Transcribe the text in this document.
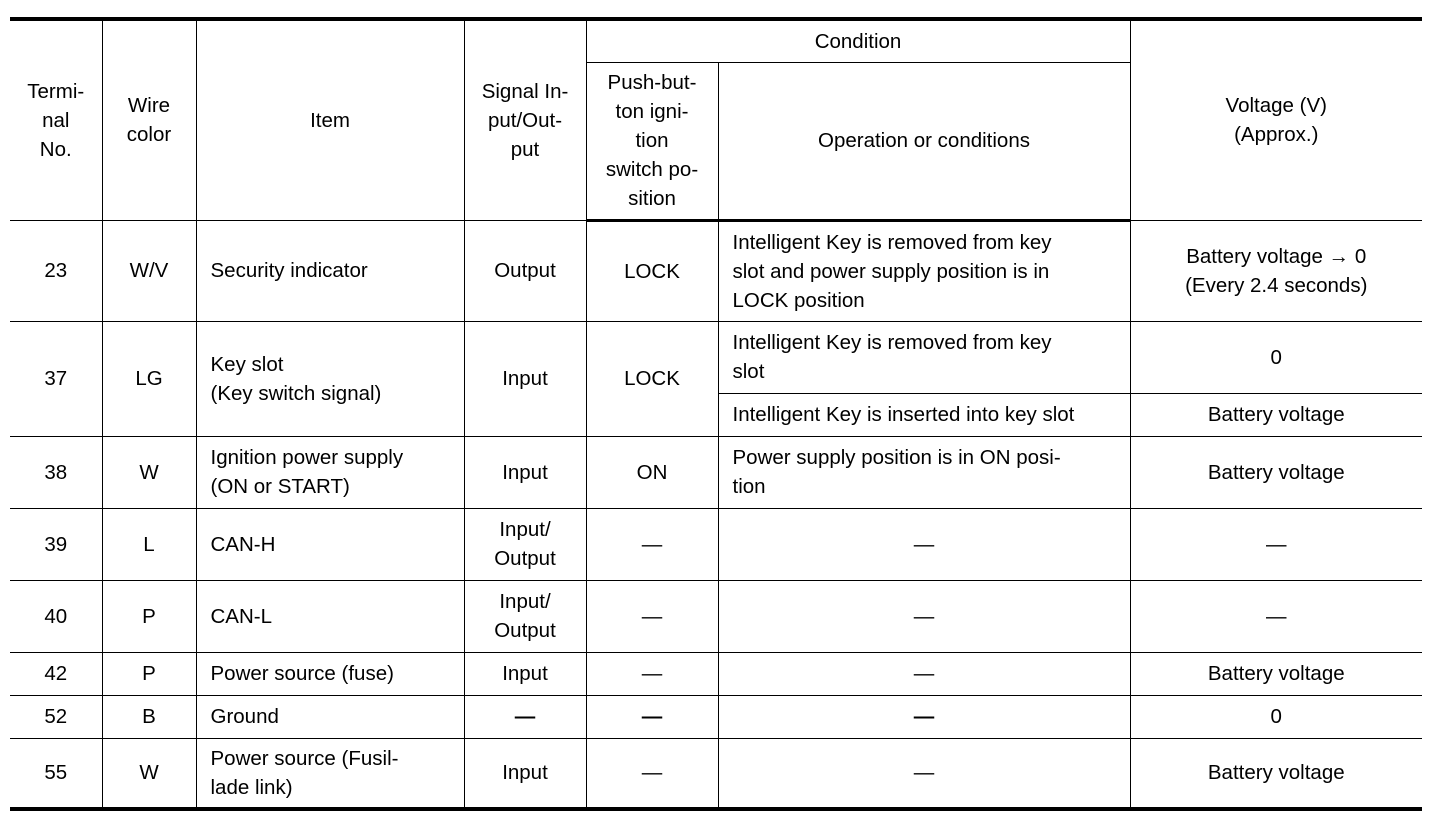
Termi-
nal
No.	Wire
color	Item	Signal In-
put/Out-
put	Condition		Voltage (V)
(Approx.)
				Push-but-
ton igni-
tion
switch po-
sition	Operation or conditions	
23	W/V	Security indicator	Output	LOCK	Intelligent Key is removed from key
slot and power supply position is in
LOCK position	Battery voltage → 0
(Every 2.4 seconds)
37	LG	Key slot
(Key switch signal)	Input	LOCK	Intelligent Key is removed from key
slot	0
					Intelligent Key is inserted into key slot	Battery voltage
38	W	Ignition power supply
(ON or START)	Input	ON	Power supply position is in ON posi-
tion	Battery voltage
39	L	CAN-H	Input/
Output	—	—	—
40	P	CAN-L	Input/
Output	—	—	—
42	P	Power source (fuse)	Input	—	—	Battery voltage
52	B	Ground	—	—	—	0
55	W	Power source (Fusil-
lade link)	Input	—	—	Battery voltage
